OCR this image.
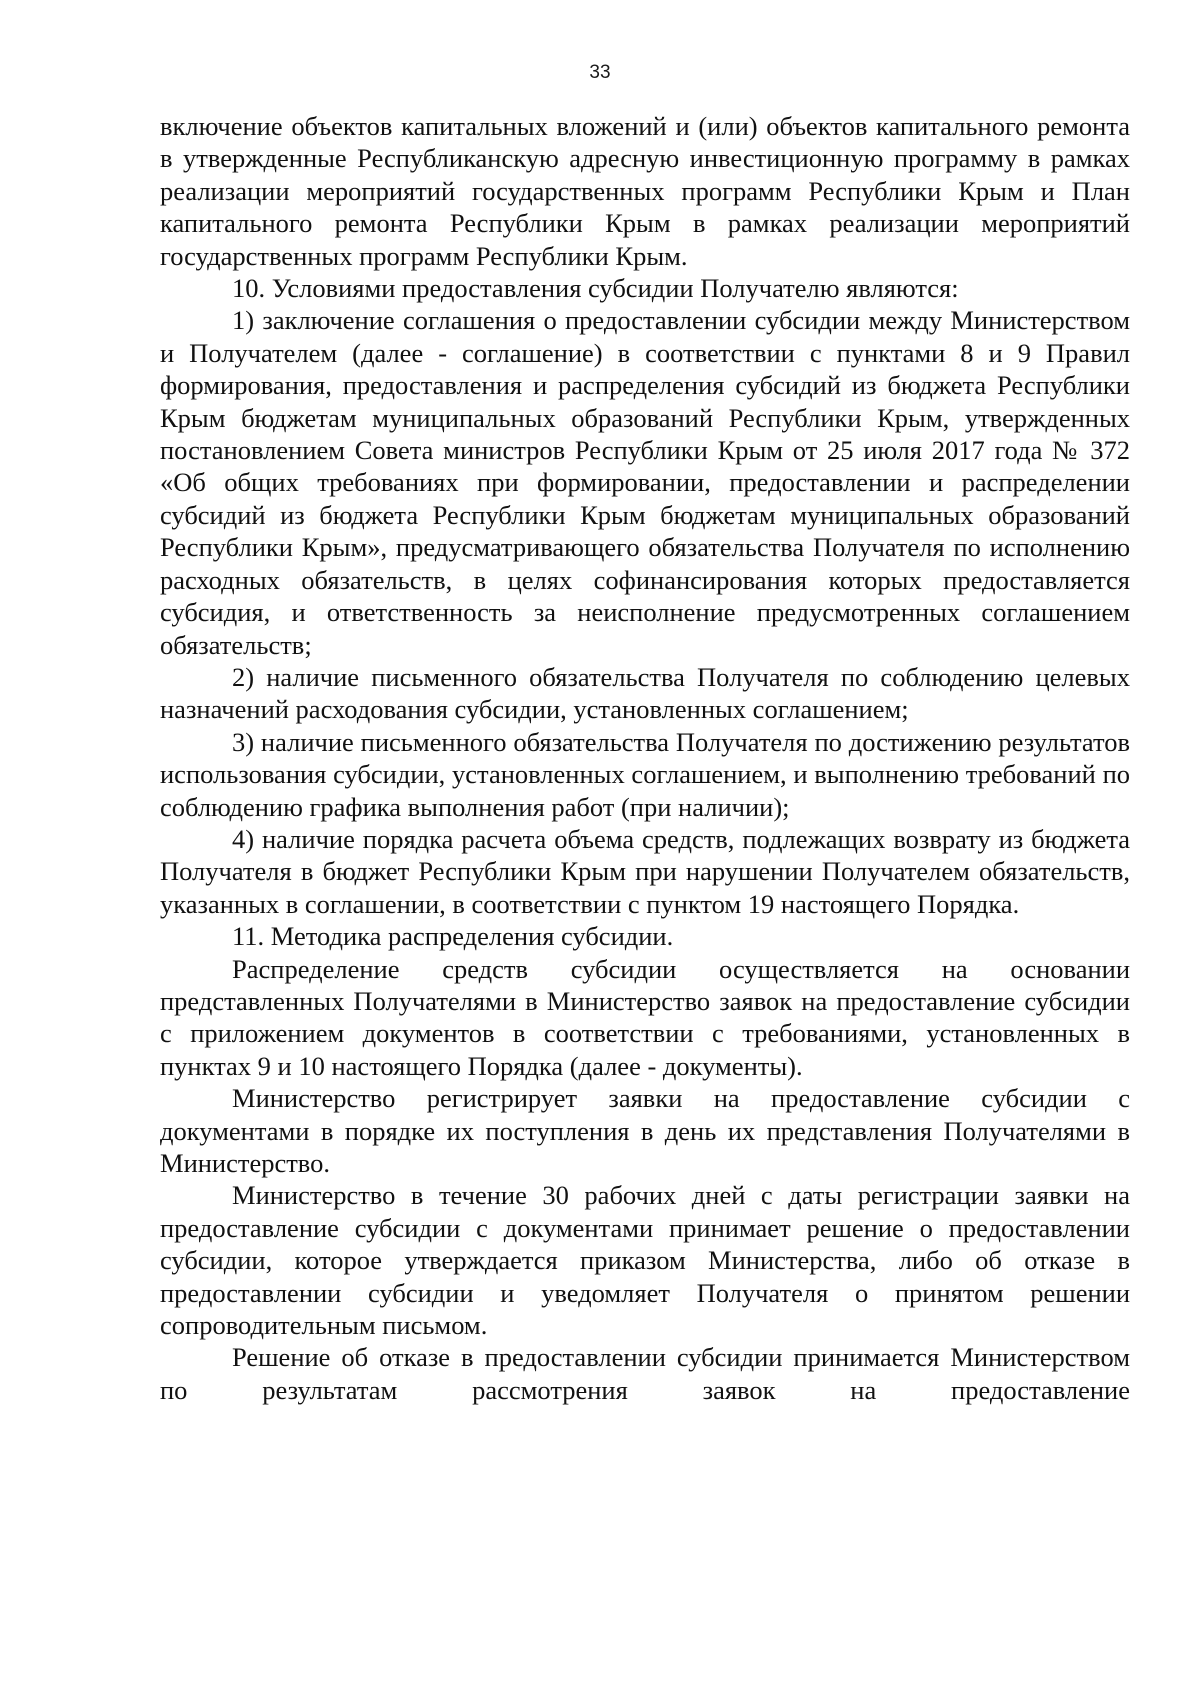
33

включение объектов капитальных вложений и (или) объектов капитального ремонта в утвержденные Республиканскую адресную инвестиционную программу в рамках реализации мероприятий государственных программ Республики Крым и План капитального ремонта Республики Крым в рамках реализации мероприятий государственных программ Республики Крым.

10. Условиями предоставления субсидии Получателю являются:

1) заключение соглашения о предоставлении субсидии между Министерством и Получателем (далее - соглашение) в соответствии с пунктами 8 и 9 Правил формирования, предоставления и распределения субсидий из бюджета Республики Крым бюджетам муниципальных образований Республики Крым, утвержденных постановлением Совета министров Республики Крым от 25 июля 2017 года № 372 «Об общих требованиях при формировании, предоставлении и распределении субсидий из бюджета Республики Крым бюджетам муниципальных образований Республики Крым», предусматривающего обязательства Получателя по исполнению расходных обязательств, в целях софинансирования которых предоставляется субсидия, и ответственность за неисполнение предусмотренных соглашением обязательств;

2) наличие письменного обязательства Получателя по соблюдению целевых назначений расходования субсидии, установленных соглашением;

3) наличие письменного обязательства Получателя по достижению результатов использования субсидии, установленных соглашением, и выполнению требований по соблюдению графика выполнения работ (при наличии);

4) наличие порядка расчета объема средств, подлежащих возврату из бюджета Получателя в бюджет Республики Крым при нарушении Получателем обязательств, указанных в соглашении, в соответствии с пунктом 19 настоящего Порядка.

11. Методика распределения субсидии.

Распределение средств субсидии осуществляется на основании представленных Получателями в Министерство заявок на предоставление субсидии с приложением документов в соответствии с требованиями, установленных в пунктах 9 и 10 настоящего Порядка (далее - документы).

Министерство регистрирует заявки на предоставление субсидии с документами в порядке их поступления в день их представления Получателями в Министерство.

Министерство в течение 30 рабочих дней с даты регистрации заявки на предоставление субсидии с документами принимает решение о предоставлении субсидии, которое утверждается приказом Министерства, либо об отказе в предоставлении субсидии и уведомляет Получателя о принятом решении сопроводительным письмом.

Решение об отказе в предоставлении субсидии принимается Министерством по результатам рассмотрения заявок на предоставление
